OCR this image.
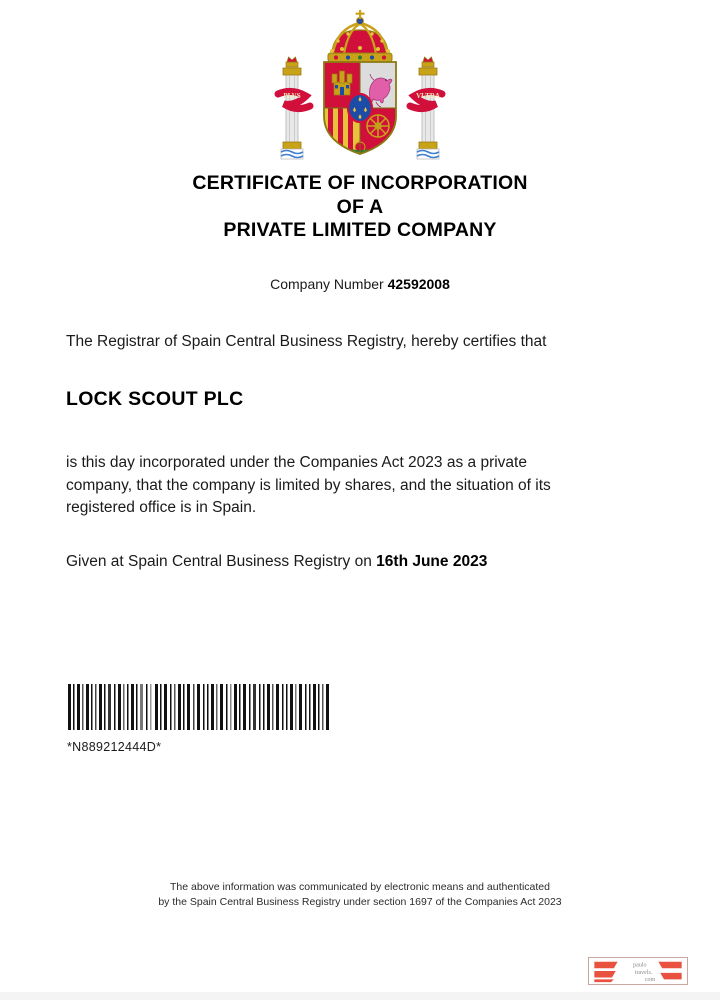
PLVS	VLTRA
CERTIFICATE OF INCORPORATION
OF A
PRIVATE LIMITED COMPANY
Company Number 42592008
The Registrar of Spain Central Business Registry, hereby certifies that
LOCK SCOUT PLC
is this day incorporated under the Companies Act 2023 as a private company, that the company is limited by shares, and the situation of its registered office is in Spain.
Given at Spain Central Business Registry on 16th June 2023
*N889212444D*
The above information was communicated by electronic means and authenticated
by the Spain Central Business Registry under section 1697 of the Companies Act 2023
paulo
travels.
com
